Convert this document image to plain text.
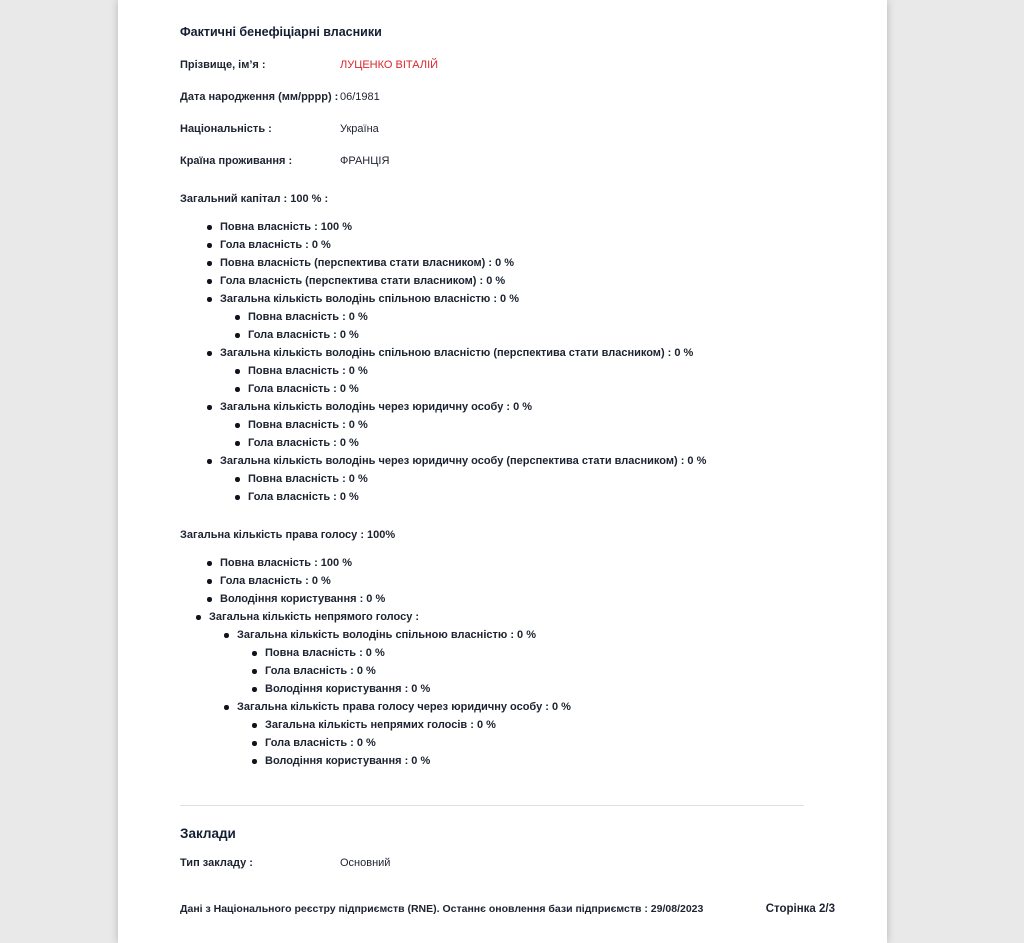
Фактичні бенефіціарні власники
Прізвище, ім’я :	ЛУЦЕНКО ВІТАЛІЙ
Дата народження (мм/рррр) : 06/1981
Національність :	Україна
Країна проживання :	ФРАНЦІЯ
Загальний капітал : 100 % :
Повна власність : 100 %
Гола власність : 0 %
Повна власність (перспектива стати власником) : 0 %
Гола власність (перспектива стати власником) : 0 %
Загальна кількість володінь спільною власністю : 0 %
Повна власність : 0 %
Гола власність : 0 %
Загальна кількість володінь спільною власністю (перспектива стати власником) : 0 %
Повна власність : 0 %
Гола власність : 0 %
Загальна кількість володінь через юридичну особу : 0 %
Повна власність : 0 %
Гола власність : 0 %
Загальна кількість володінь через юридичну особу (перспектива стати власником) : 0 %
Повна власність : 0 %
Гола власність : 0 %
Загальна кількість права голосу : 100%
Повна власність : 100 %
Гола власність : 0 %
Володіння користування : 0 %
Загальна кількість непрямого голосу :
Загальна кількість володінь спільною власністю : 0 %
Повна власність : 0 %
Гола власність : 0 %
Володіння користування : 0 %
Загальна кількість права голосу через юридичну особу : 0 %
Загальна кількість непрямих голосів : 0 %
Гола власність : 0 %
Володіння користування : 0 %
Заклади
Тип закладу :	Основний
Дані з Національного реєстру підприємств (RNE). Останнє оновлення бази підприємств : 29/08/2023	Сторінка 2/3
